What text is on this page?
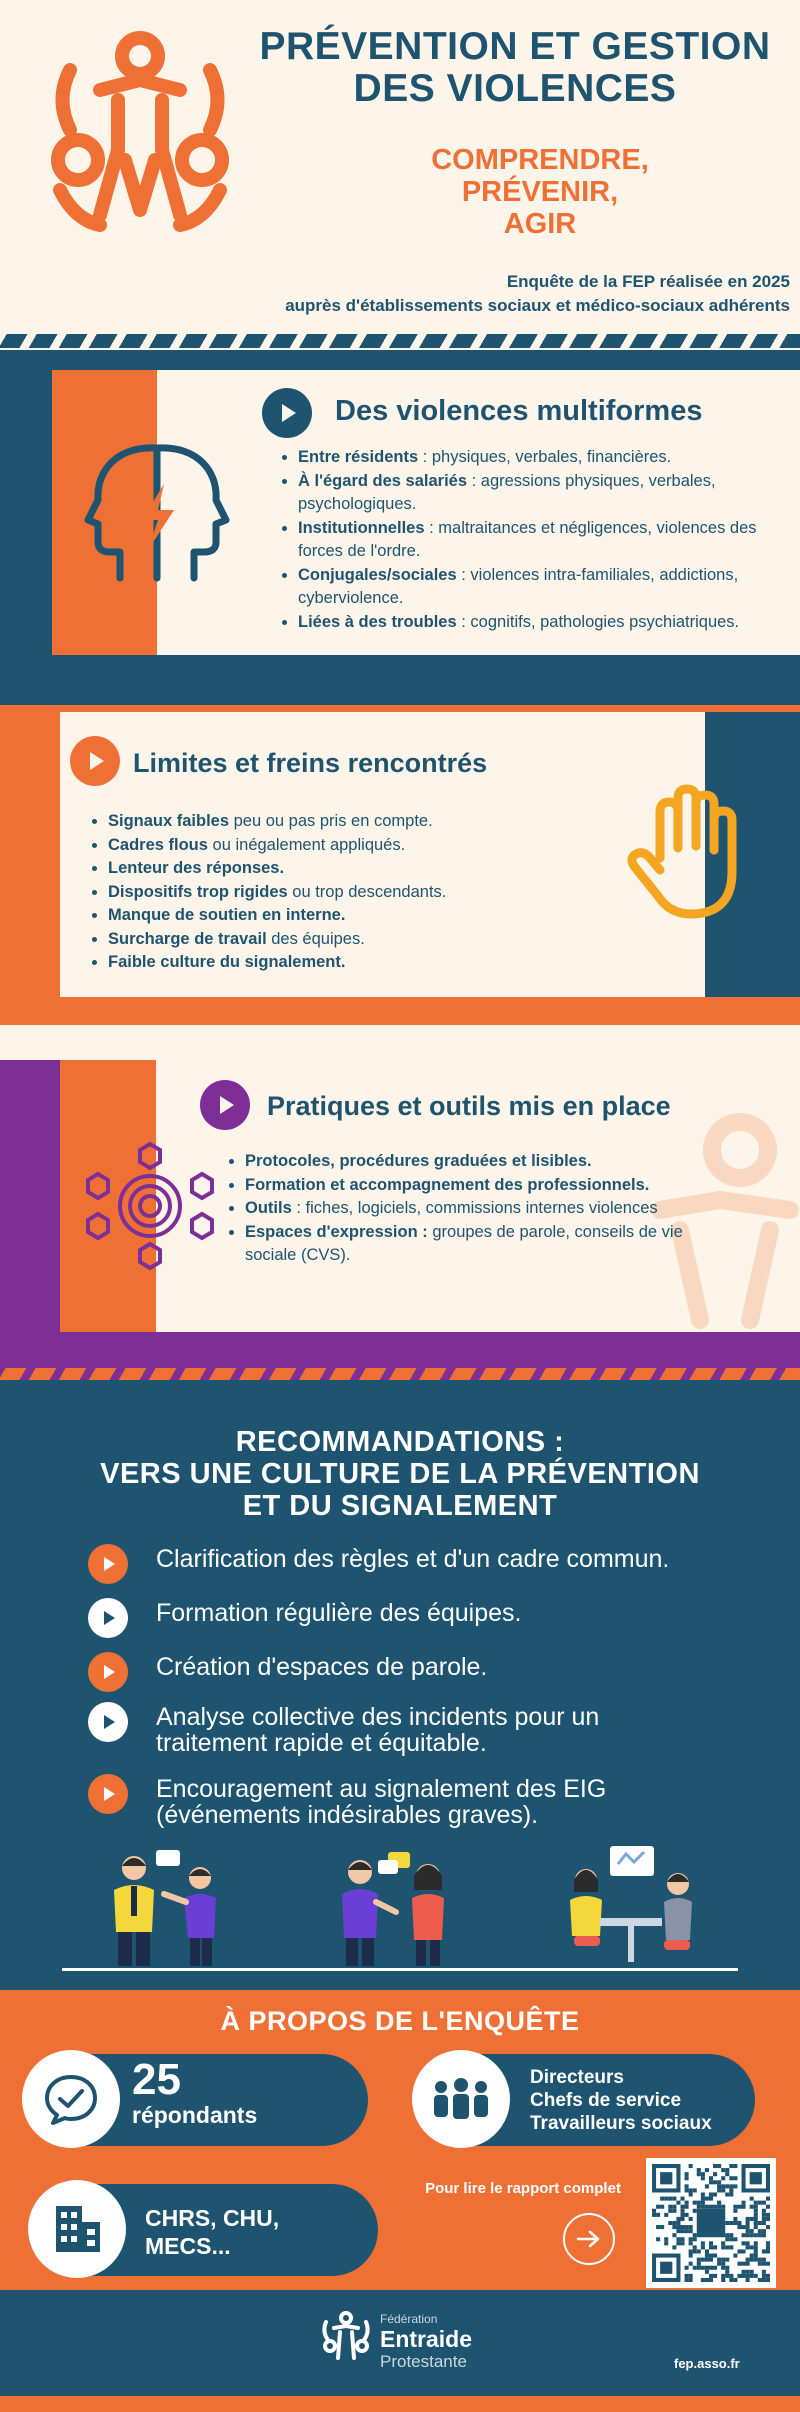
PRÉVENTION ET GESTION DES VIOLENCES
COMPRENDRE,
PRÉVENIR,
AGIR
Enquête de la FEP réalisée en 2025
auprès d'établissements sociaux et médico-sociaux adhérents
Des violences multiformes
• Entre résidents : physiques, verbales, financières.
• À l'égard des salariés : agressions physiques, verbales, psychologiques.
• Institutionnelles : maltraitances et négligences, violences des forces de l'ordre.
• Conjugales/sociales : violences intra-familiales, addictions, cyberviolence.
• Liées à des troubles : cognitifs, pathologies psychiatriques.
Limites et freins rencontrés
• Signaux faibles peu ou pas pris en compte.
• Cadres flous ou inégalement appliqués.
• Lenteur des réponses.
• Dispositifs trop rigides ou trop descendants.
• Manque de soutien en interne.
• Surcharge de travail des équipes.
• Faible culture du signalement.
Pratiques et outils mis en place
• Protocoles, procédures graduées et lisibles.
• Formation et accompagnement des professionnels.
• Outils : fiches, logiciels, commissions internes violences
• Espaces d'expression : groupes de parole, conseils de vie sociale (CVS).
RECOMMANDATIONS :
VERS UNE CULTURE DE LA PRÉVENTION
ET DU SIGNALEMENT
Clarification des règles et d'un cadre commun.
Formation régulière des équipes.
Création d'espaces de parole.
Analyse collective des incidents pour un traitement rapide et équitable.
Encouragement au signalement des EIG (événements indésirables graves).
À PROPOS DE L'ENQUÊTE
25
répondants
Directeurs
Chefs de service
Travailleurs sociaux
CHRS, CHU,
MECS...
Pour lire le rapport complet
Fédération
Entraide
Protestante	fep.asso.fr
